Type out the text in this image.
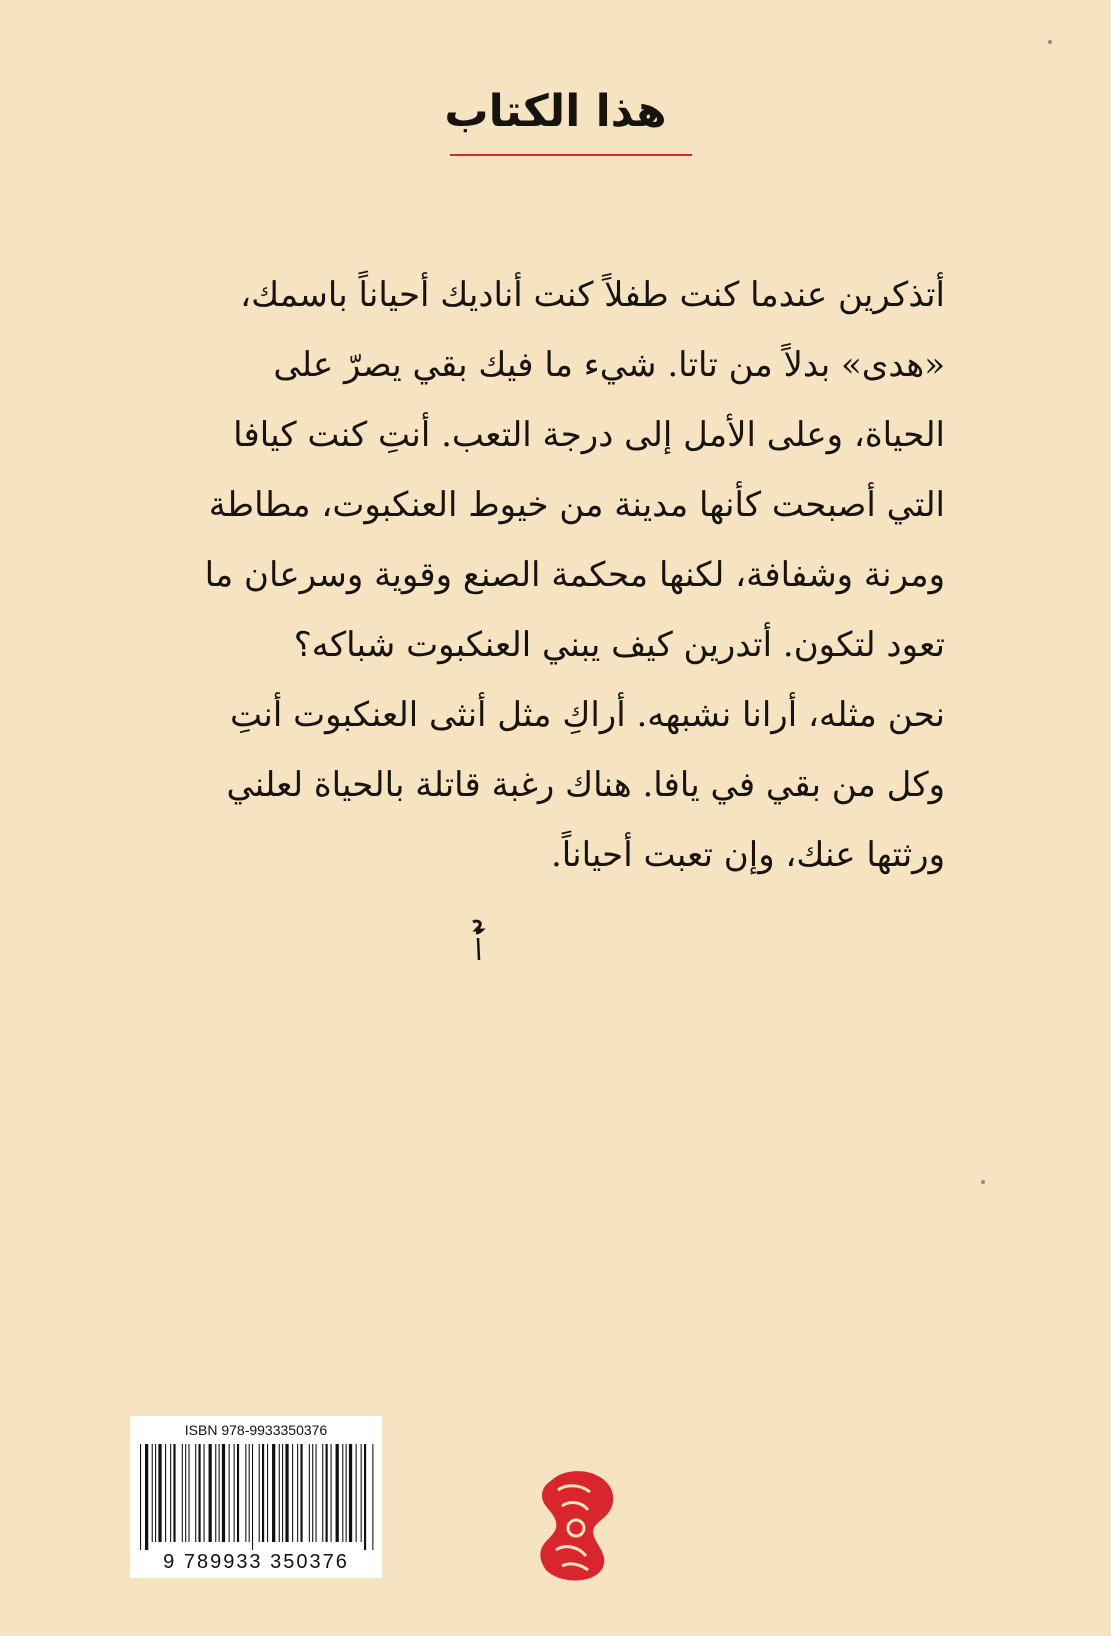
هذا الكتاب
أتذكرين عندما كنت طفلاً كنت أناديك أحياناً باسمك،
«هدى» بدلاً من تاتا. شيء ما فيك بقي يصرّ على
الحياة، وعلى الأمل إلى درجة التعب. أنتِ كنت كيافا
التي أصبحت كأنها مدينة من خيوط العنكبوت، مطاطة
ومرنة وشفافة، لكنها محكمة الصنع وقوية وسرعان ما
تعود لتكون. أتدرين كيف يبني العنكبوت شباكه؟
نحن مثله، أرانا نشبهه. أراكِ مثل أنثى العنكبوت أنتِ
وكل من بقي في يافا. هناك رغبة قاتلة بالحياة لعلني
ورثتها عنك، وإن تعبت أحياناً.
ISBN 978-9933350376
9 789933 350376
